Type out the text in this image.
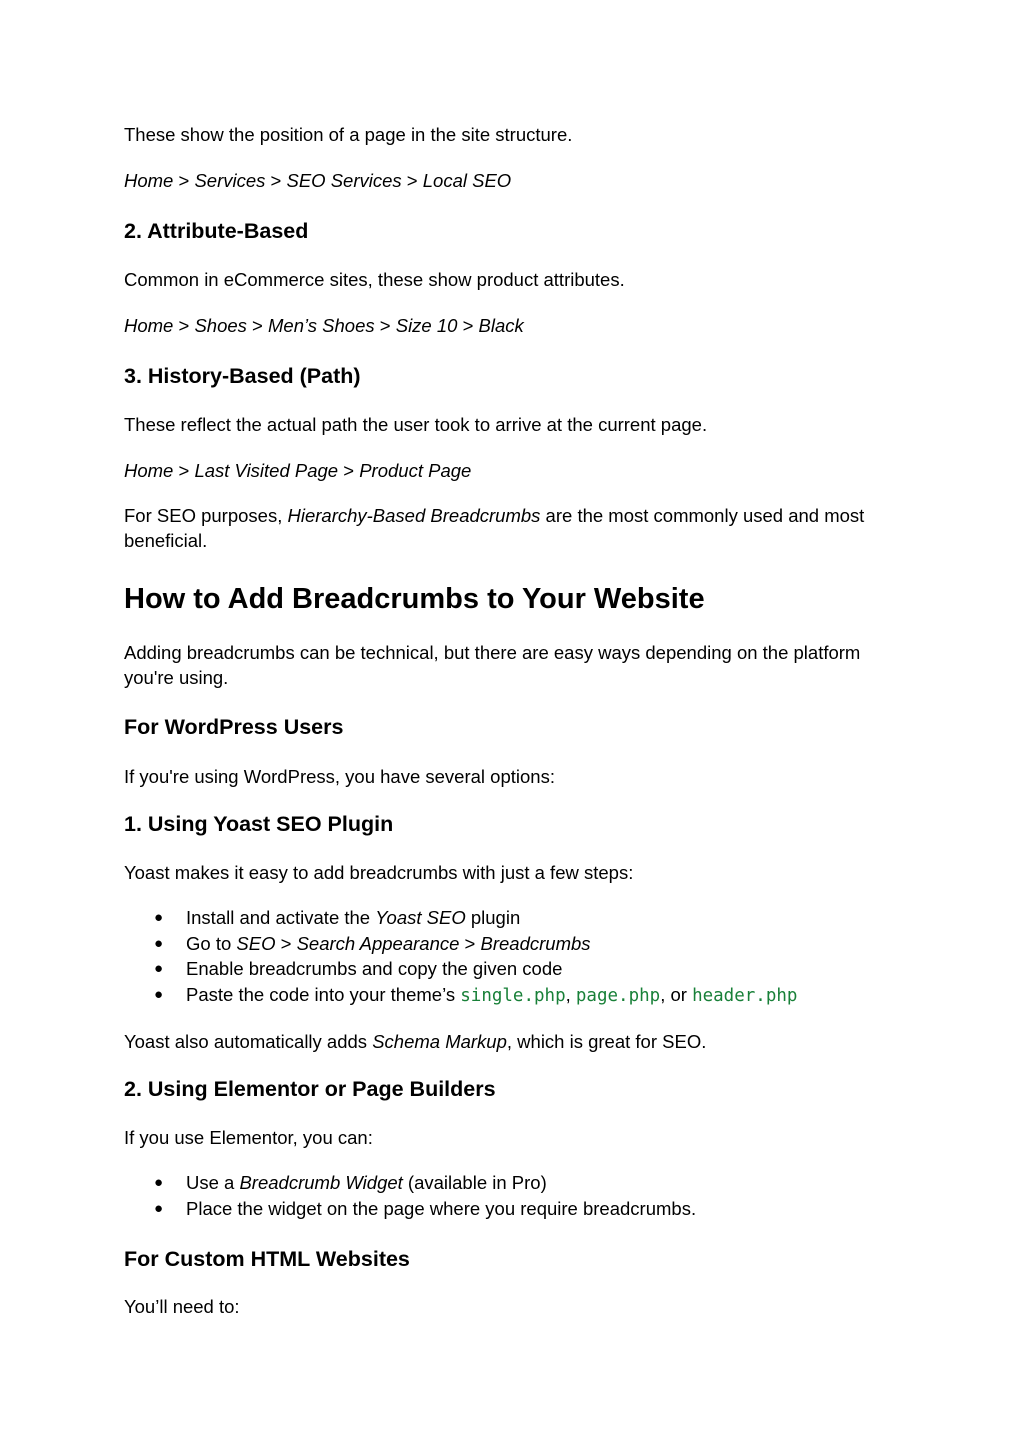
These show the position of a page in the site structure.

Home > Services > SEO Services > Local SEO

2. Attribute-Based

Common in eCommerce sites, these show product attributes.

Home > Shoes > Men’s Shoes > Size 10 > Black

3. History-Based (Path)

These reflect the actual path the user took to arrive at the current page.

Home > Last Visited Page > Product Page

For SEO purposes, Hierarchy-Based Breadcrumbs are the most commonly used and most beneficial.

How to Add Breadcrumbs to Your Website

Adding breadcrumbs can be technical, but there are easy ways depending on the platform you're using.

For WordPress Users

If you're using WordPress, you have several options:

1. Using Yoast SEO Plugin

Yoast makes it easy to add breadcrumbs with just a few steps:

● Install and activate the Yoast SEO plugin
● Go to SEO > Search Appearance > Breadcrumbs
● Enable breadcrumbs and copy the given code
● Paste the code into your theme’s single.php, page.php, or header.php

Yoast also automatically adds Schema Markup, which is great for SEO.

2. Using Elementor or Page Builders

If you use Elementor, you can:

● Use a Breadcrumb Widget (available in Pro)
● Place the widget on the page where you require breadcrumbs.
For Custom HTML Websites

You’ll need to:
